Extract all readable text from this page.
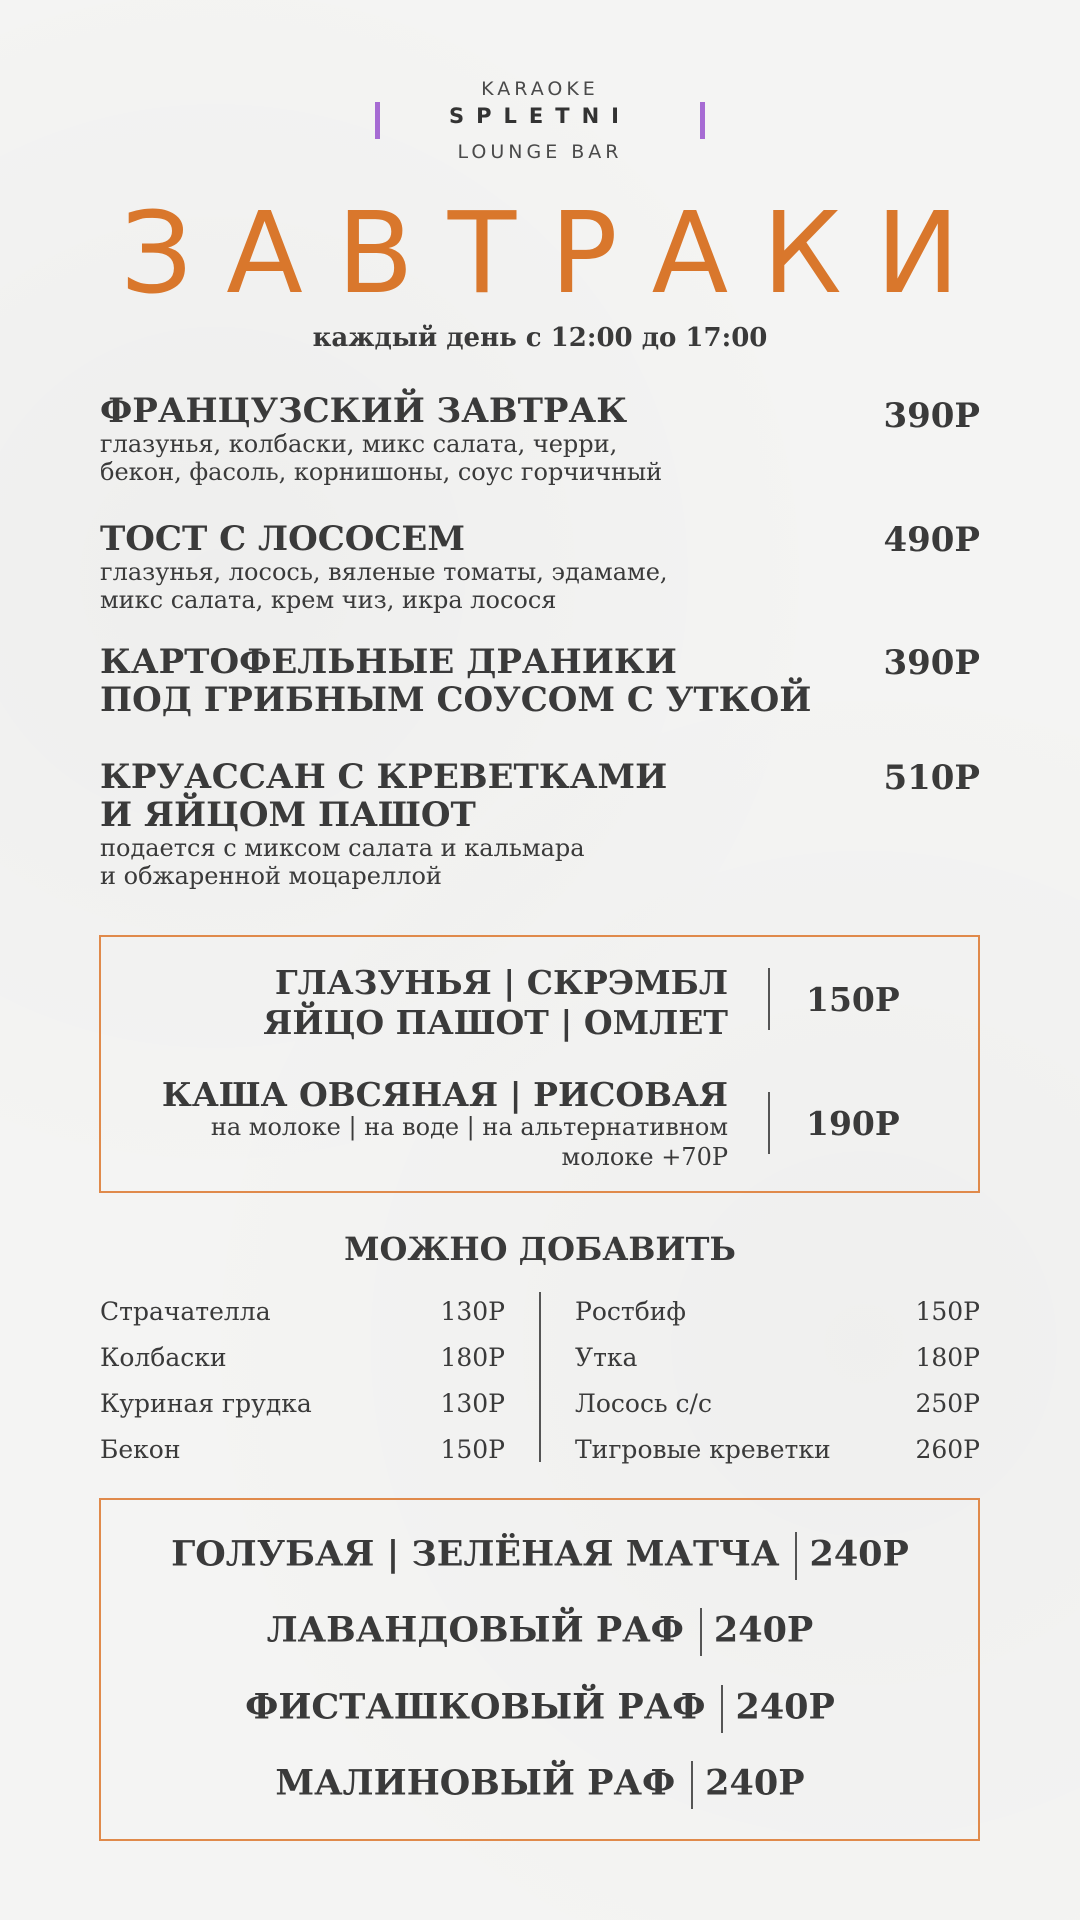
KARAOKE
SPLETNI
LOUNGE BAR
ЗАВТРАКИ
каждый день с 12:00 до 17:00
ФРАНЦУЗСКИЙ ЗАВТРАК
глазунья, колбаски, микс салата, черри,
бекон, фасоль, корнишоны, соус горчичный
390Р
ТОСТ С ЛОСОСЕМ
глазунья, лосось, вяленые томаты, эдамаме,
микс салата, крем чиз, икра лосося
490Р
КАРТОФЕЛЬНЫЕ ДРАНИКИ
ПОД ГРИБНЫМ СОУСОМ С УТКОЙ
390Р
КРУАССАН С КРЕВЕТКАМИ
И ЯЙЦОМ ПАШОТ
подается с миксом салата и кальмара
и обжаренной моцареллой
510Р
ГЛАЗУНЬЯ | СКРЭМБЛ
ЯЙЦО ПАШОТ | ОМЛЕТ
150Р
КАША ОВСЯНАЯ | РИСОВАЯ
на молоке | на воде | на альтернативном
молоке +70Р
190Р
МОЖНО ДОБАВИТЬ
Страчателла	130Р
Колбаски	180Р
Куриная грудка	130Р
Бекон	150Р
Ростбиф	150Р
Утка	180Р
Лосось с/с	250Р
Тигровые креветки	260Р
ГОЛУБАЯ | ЗЕЛЁНАЯ МАТЧА 240Р
ЛАВАНДОВЫЙ РАФ 240Р
ФИСТАШКОВЫЙ РАФ 240Р
МАЛИНОВЫЙ РАФ 240Р
